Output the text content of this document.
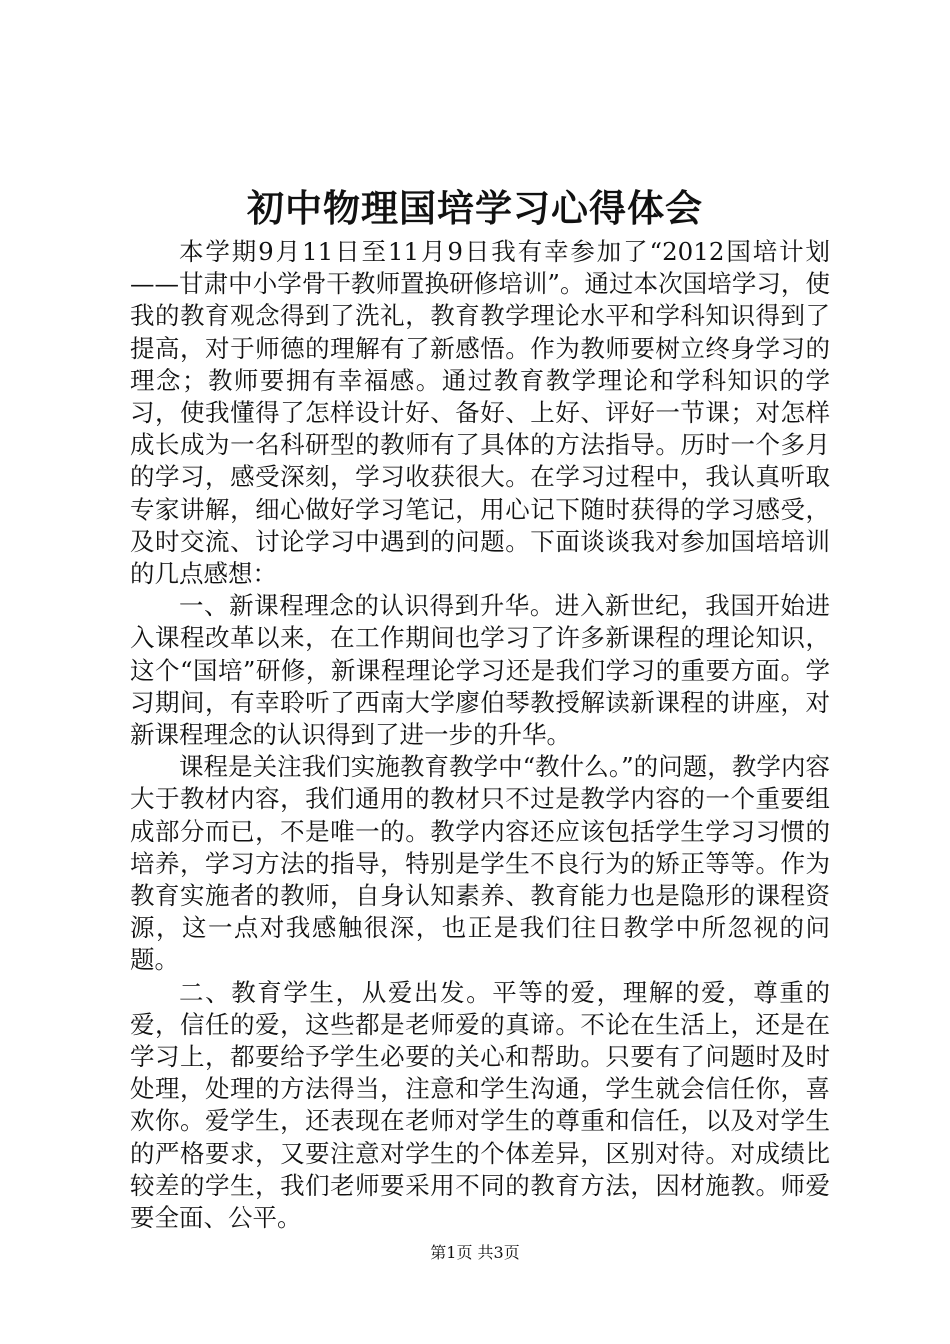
初中物理国培学习心得体会

本学期9月11日至11月9日我有幸参加了“2012国培计划——甘肃中小学骨干教师置换研修培训”。通过本次国培学习，使我的教育观念得到了洗礼，教育教学理论水平和学科知识得到了提高，对于师德的理解有了新感悟。作为教师要树立终身学习的理念；教师要拥有幸福感。通过教育教学理论和学科知识的学习，使我懂得了怎样设计好、备好、上好、评好一节课；对怎样成长成为一名科研型的教师有了具体的方法指导。历时一个多月的学习，感受深刻，学习收获很大。在学习过程中，我认真听取专家讲解，细心做好学习笔记，用心记下随时获得的学习感受，及时交流、讨论学习中遇到的问题。下面谈谈我对参加国培培训的几点感想：

一、新课程理念的认识得到升华。进入新世纪，我国开始进入课程改革以来，在工作期间也学习了许多新课程的理论知识，这个“国培”研修，新课程理论学习还是我们学习的重要方面。学习期间，有幸聆听了西南大学廖伯琴教授解读新课程的讲座，对新课程理念的认识得到了进一步的升华。

课程是关注我们实施教育教学中“教什么。”的问题，教学内容大于教材内容，我们通用的教材只不过是教学内容的一个重要组成部分而已，不是唯一的。教学内容还应该包括学生学习习惯的培养，学习方法的指导，特别是学生不良行为的矫正等等。作为教育实施者的教师，自身认知素养、教育能力也是隐形的课程资源，这一点对我感触很深，也正是我们往日教学中所忽视的问题。

二、教育学生，从爱出发。平等的爱，理解的爱，尊重的爱，信任的爱，这些都是老师爱的真谛。不论在生活上，还是在学习上，都要给予学生必要的关心和帮助。只要有了问题时及时处理，处理的方法得当，注意和学生沟通，学生就会信任你，喜欢你。爱学生，还表现在老师对学生的尊重和信任，以及对学生的严格要求，又要注意对学生的个体差异，区别对待。对成绩比较差的学生，我们老师要采用不同的教育方法，因材施教。师爱要全面、公平。

第1页 共3页
